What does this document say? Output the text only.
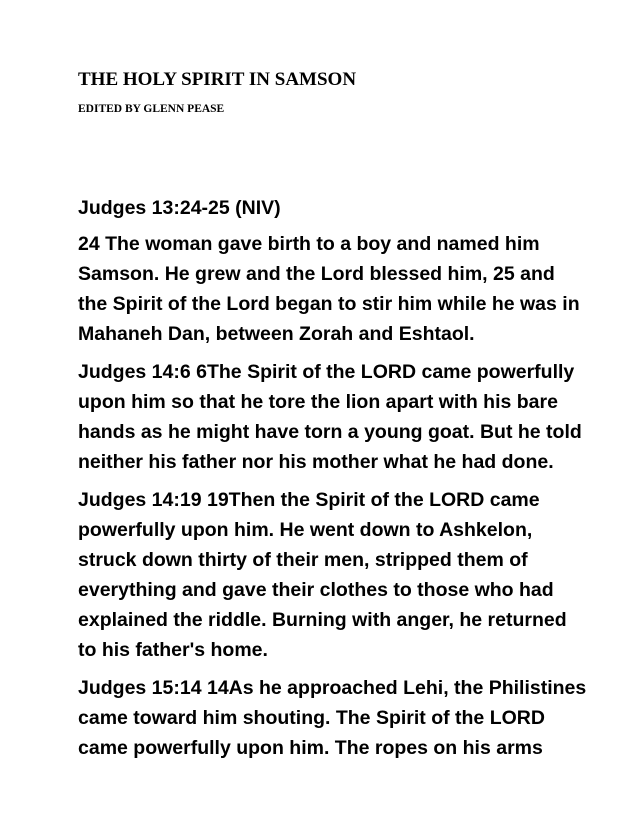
THE HOLY SPIRIT IN SAMSON
EDITED BY GLENN PEASE
Judges 13:24-25 (NIV)
24 The woman gave birth to a boy and named him
Samson. He grew and the Lord blessed him, 25 and
the Spirit of the Lord began to stir him while he was in
Mahaneh Dan, between Zorah and Eshtaol.
Judges 14:6 6The Spirit of the LORD came powerfully
upon him so that he tore the lion apart with his bare
hands as he might have torn a young goat. But he told
neither his father nor his mother what he had done.
Judges 14:19 19Then the Spirit of the LORD came
powerfully upon him. He went down to Ashkelon,
struck down thirty of their men, stripped them of
everything and gave their clothes to those who had
explained the riddle. Burning with anger, he returned
to his father's home.
Judges 15:14 14As he approached Lehi, the Philistines
came toward him shouting. The Spirit of the LORD
came powerfully upon him. The ropes on his arms
